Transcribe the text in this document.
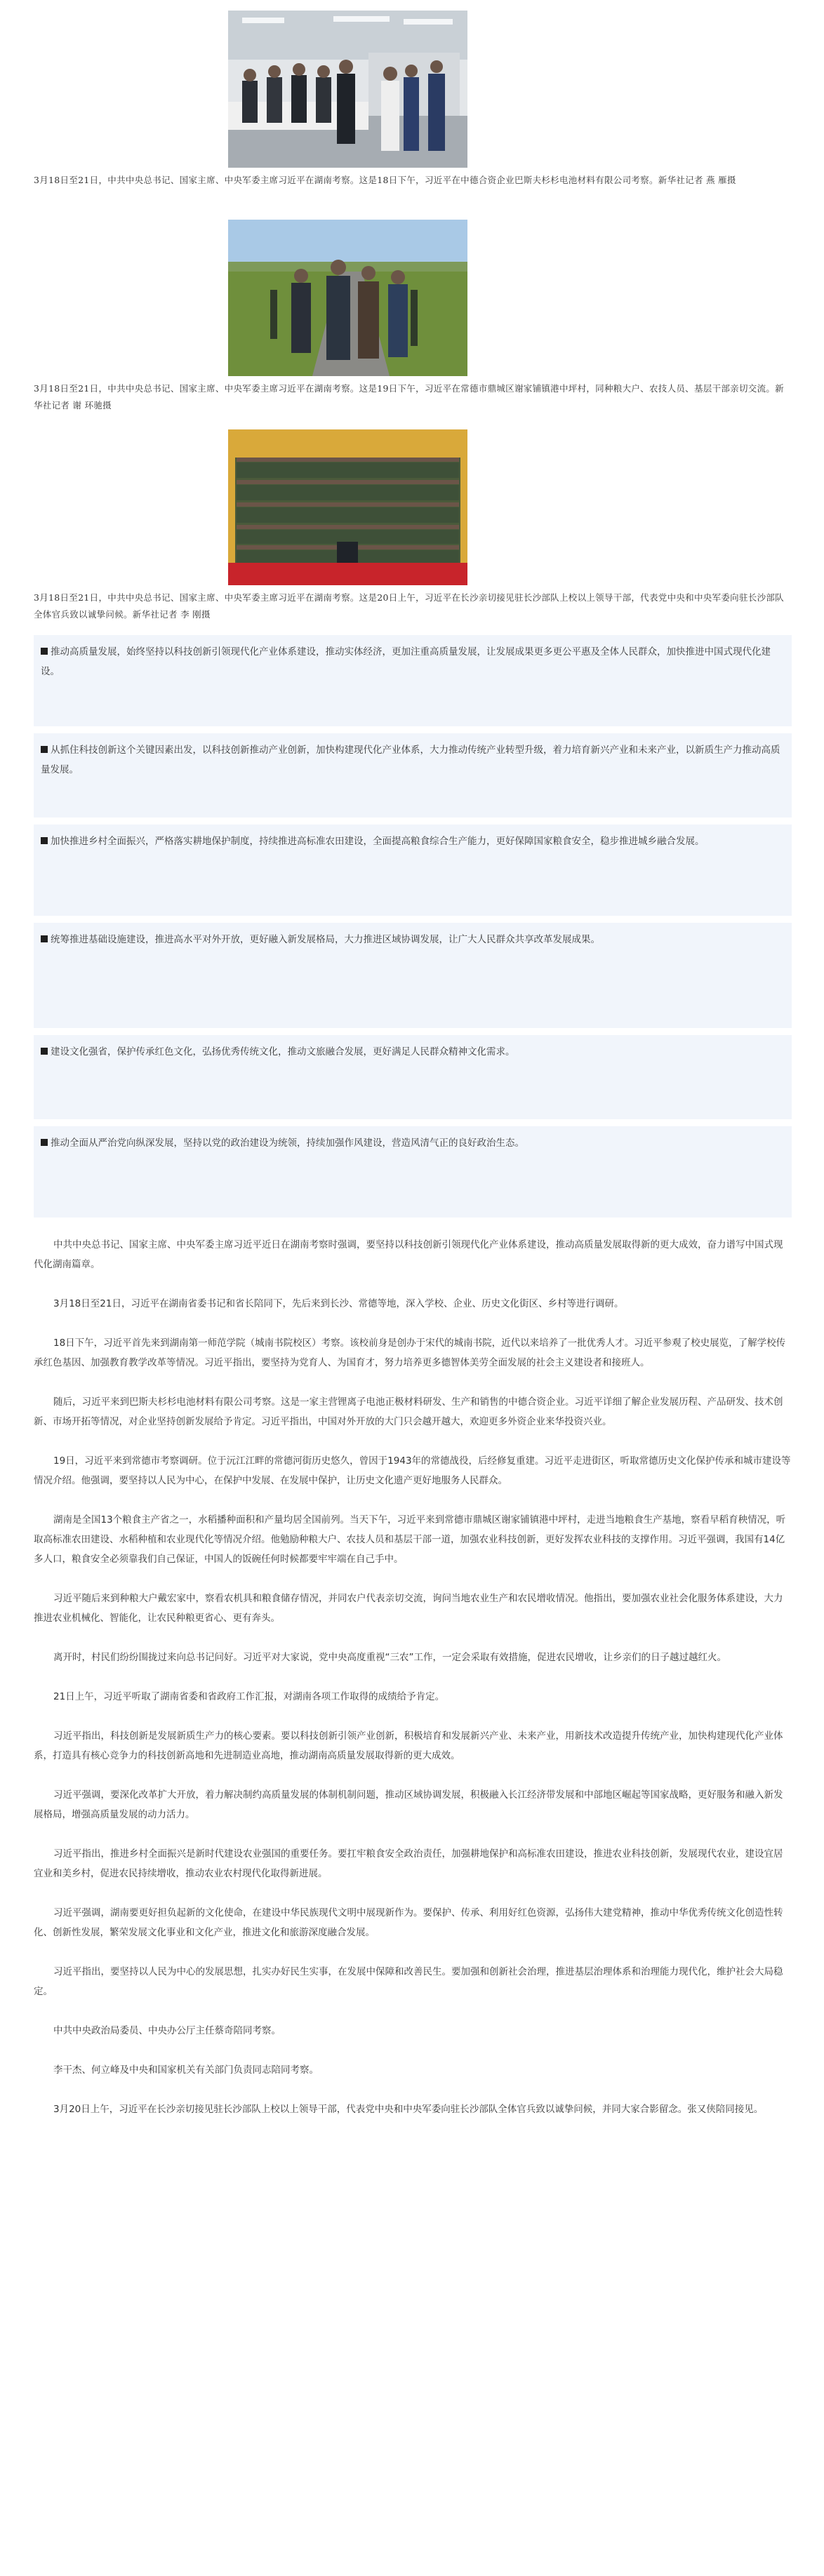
3月18日至21日，中共中央总书记、国家主席、中央军委主席习近平在湖南考察。这是18日下午，习近平在中德合资企业巴斯夫杉杉电池材料有限公司考察。新华社记者 燕 雁摄
3月18日至21日，中共中央总书记、国家主席、中央军委主席习近平在湖南考察。这是19日下午，习近平在常德市鼎城区谢家铺镇港中坪村，同种粮大户、农技人员、基层干部亲切交流。新华社记者 谢 环驰摄
3月18日至21日，中共中央总书记、国家主席、中央军委主席习近平在湖南考察。这是20日上午，习近平在长沙亲切接见驻长沙部队上校以上领导干部，代表党中央和中央军委向驻长沙部队全体官兵致以诚挚问候。新华社记者 李 刚摄

推动高质量发展，始终坚持以科技创新引领现代化产业体系建设，推动实体经济，更加注重高质量发展，让发展成果更多更公平惠及全体人民群众，加快推进中国式现代化建设。

从抓住科技创新这个关键因素出发，以科技创新推动产业创新，加快构建现代化产业体系，大力推动传统产业转型升级，着力培育新兴产业和未来产业，以新质生产力推动高质量发展。

加快推进乡村全面振兴，严格落实耕地保护制度，持续推进高标准农田建设，全面提高粮食综合生产能力，更好保障国家粮食安全，稳步推进城乡融合发展。

统筹推进基础设施建设，推进高水平对外开放，更好融入新发展格局，大力推进区域协调发展，让广大人民群众共享改革发展成果。

建设文化强省，保护传承红色文化，弘扬优秀传统文化，推动文旅融合发展，更好满足人民群众精神文化需求。

推动全面从严治党向纵深发展，坚持以党的政治建设为统领，持续加强作风建设，营造风清气正的良好政治生态。

中共中央总书记、国家主席、中央军委主席习近平近日在湖南考察时强调，要坚持以科技创新引领现代化产业体系建设，推动高质量发展取得新的更大成效，奋力谱写中国式现代化湖南篇章。

3月18日至21日，习近平在湖南省委书记和省长陪同下，先后来到长沙、常德等地，深入学校、企业、历史文化街区、乡村等进行调研。

18日下午，习近平首先来到湖南第一师范学院（城南书院校区）考察。该校前身是创办于宋代的城南书院，近代以来培养了一批优秀人才。习近平参观了校史展览，了解学校传承红色基因、加强教育教学改革等情况。习近平指出，要坚持为党育人、为国育才，努力培养更多德智体美劳全面发展的社会主义建设者和接班人。

随后，习近平来到巴斯夫杉杉电池材料有限公司考察。这是一家主营锂离子电池正极材料研发、生产和销售的中德合资企业。习近平详细了解企业发展历程、产品研发、技术创新、市场开拓等情况，对企业坚持创新发展给予肯定。习近平指出，中国对外开放的大门只会越开越大，欢迎更多外资企业来华投资兴业。

19日，习近平来到常德市考察调研。位于沅江江畔的常德河街历史悠久，曾因于1943年的常德战役，后经修复重建。习近平走进街区，听取常德历史文化保护传承和城市建设等情况介绍。他强调，要坚持以人民为中心，在保护中发展、在发展中保护，让历史文化遗产更好地服务人民群众。

湖南是全国13个粮食主产省之一，水稻播种面积和产量均居全国前列。当天下午，习近平来到常德市鼎城区谢家铺镇港中坪村，走进当地粮食生产基地，察看早稻育秧情况，听取高标准农田建设、水稻种植和农业现代化等情况介绍。他勉励种粮大户、农技人员和基层干部一道，加强农业科技创新，更好发挥农业科技的支撑作用。习近平强调，我国有14亿多人口，粮食安全必须靠我们自己保证，中国人的饭碗任何时候都要牢牢端在自己手中。

习近平随后来到种粮大户戴宏家中，察看农机具和粮食储存情况，并同农户代表亲切交流，询问当地农业生产和农民增收情况。他指出，要加强农业社会化服务体系建设，大力推进农业机械化、智能化，让农民种粮更省心、更有奔头。

离开时，村民们纷纷围拢过来向总书记问好。习近平对大家说，党中央高度重视“三农”工作，一定会采取有效措施，促进农民增收，让乡亲们的日子越过越红火。

21日上午，习近平听取了湖南省委和省政府工作汇报，对湖南各项工作取得的成绩给予肯定。

习近平指出，科技创新是发展新质生产力的核心要素。要以科技创新引领产业创新，积极培育和发展新兴产业、未来产业，用新技术改造提升传统产业，加快构建现代化产业体系，打造具有核心竞争力的科技创新高地和先进制造业高地，推动湖南高质量发展取得新的更大成效。

习近平强调，要深化改革扩大开放，着力解决制约高质量发展的体制机制问题，推动区域协调发展，积极融入长江经济带发展和中部地区崛起等国家战略，更好服务和融入新发展格局，增强高质量发展的动力活力。

习近平指出，推进乡村全面振兴是新时代建设农业强国的重要任务。要扛牢粮食安全政治责任，加强耕地保护和高标准农田建设，推进农业科技创新，发展现代农业，建设宜居宜业和美乡村，促进农民持续增收，推动农业农村现代化取得新进展。

习近平强调，湖南要更好担负起新的文化使命，在建设中华民族现代文明中展现新作为。要保护、传承、利用好红色资源，弘扬伟大建党精神，推动中华优秀传统文化创造性转化、创新性发展，繁荣发展文化事业和文化产业，推进文化和旅游深度融合发展。

习近平指出，要坚持以人民为中心的发展思想，扎实办好民生实事，在发展中保障和改善民生。要加强和创新社会治理，推进基层治理体系和治理能力现代化，维护社会大局稳定。

中共中央政治局委员、中央办公厅主任蔡奇陪同考察。

李干杰、何立峰及中央和国家机关有关部门负责同志陪同考察。

3月20日上午，习近平在长沙亲切接见驻长沙部队上校以上领导干部，代表党中央和中央军委向驻长沙部队全体官兵致以诚挚问候，并同大家合影留念。张又侠陪同接见。
